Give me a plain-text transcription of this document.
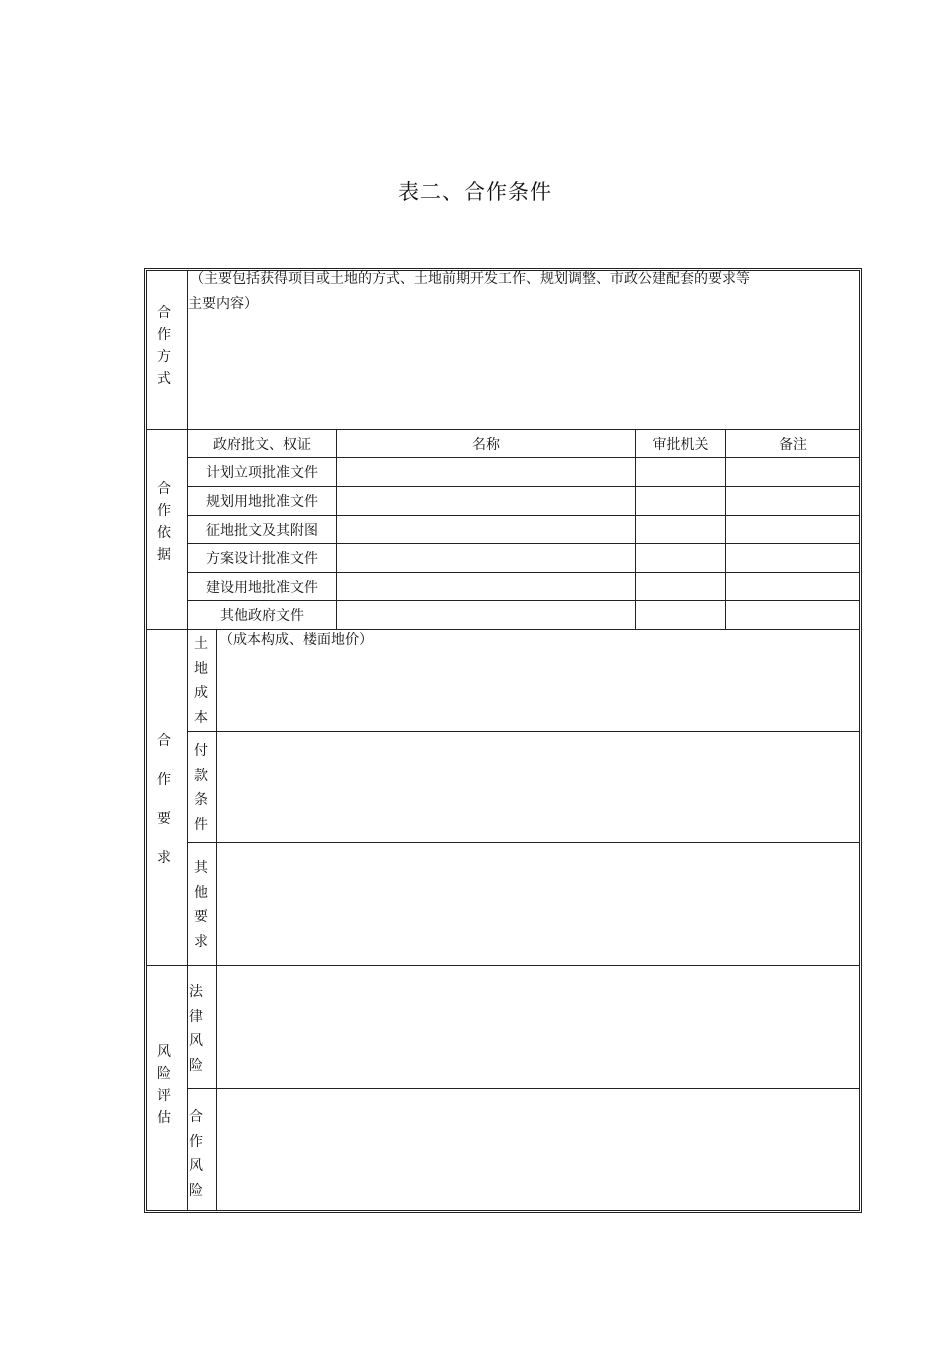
表二、合作条件
合
作
方
式
（主要包括获得项目或土地的方式、土地前期开发工作、规划调整、市政公建配套的要求等
主要内容）
合
作
依
据
政府批文、权证	名称	审批机关	备注
计划立项批准文件
规划用地批准文件
征地批文及其附图
方案设计批准文件
建设用地批准文件
其他政府文件
合
作
要
求
土
地
成
本
（成本构成、楼面地价）
付
款
条
件
其
他
要
求
风
险
评
估
法
律
风
险
合
作
风
险
